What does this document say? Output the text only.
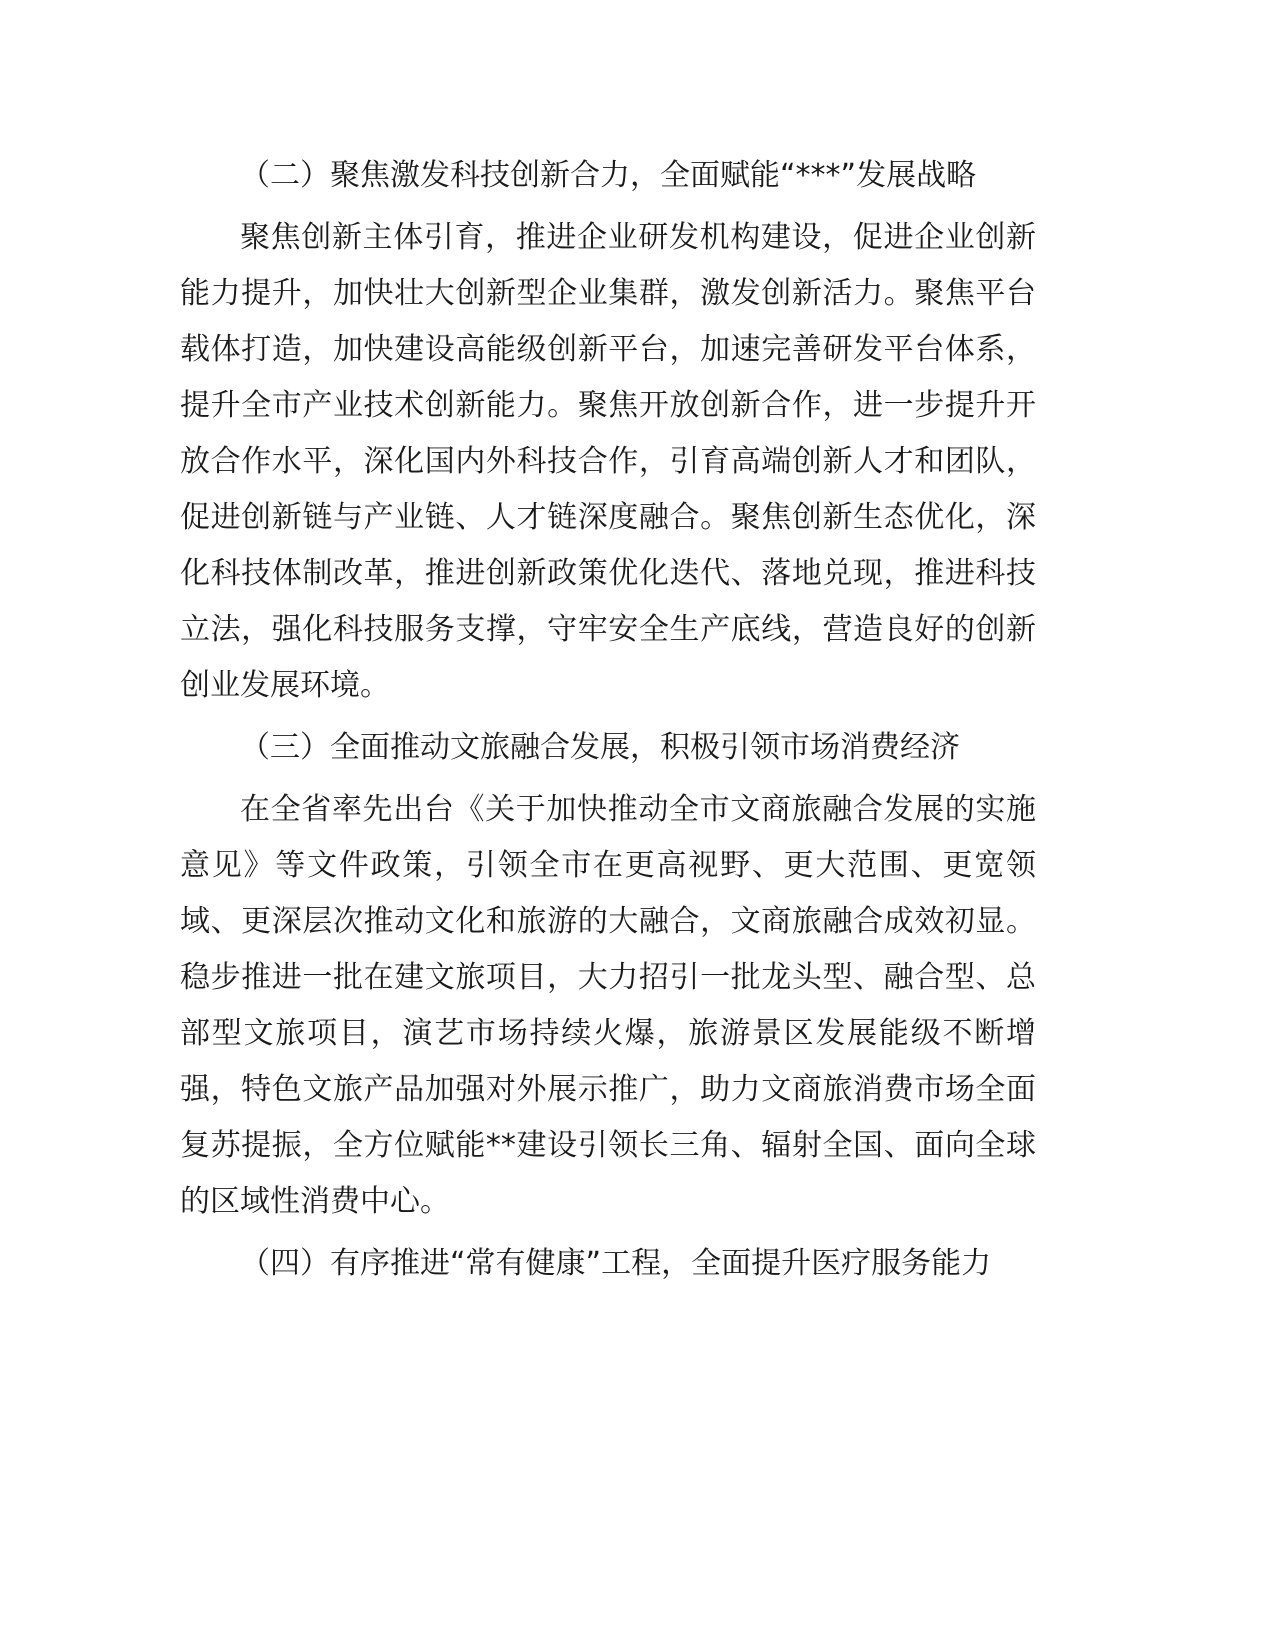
（二）聚焦激发科技创新合力，全面赋能“***”发展战略

聚焦创新主体引育，推进企业研发机构建设，促进企业创新能力提升，加快壮大创新型企业集群，激发创新活力。聚焦平台载体打造，加快建设高能级创新平台，加速完善研发平台体系，提升全市产业技术创新能力。聚焦开放创新合作，进一步提升开放合作水平，深化国内外科技合作，引育高端创新人才和团队，促进创新链与产业链、人才链深度融合。聚焦创新生态优化，深化科技体制改革，推进创新政策优化迭代、落地兑现，推进科技立法，强化科技服务支撑，守牢安全生产底线，营造良好的创新创业发展环境。

（三）全面推动文旅融合发展，积极引领市场消费经济

在全省率先出台《关于加快推动全市文商旅融合发展的实施意见》等文件政策，引领全市在更高视野、更大范围、更宽领域、更深层次推动文化和旅游的大融合，文商旅融合成效初显。稳步推进一批在建文旅项目，大力招引一批龙头型、融合型、总部型文旅项目，演艺市场持续火爆，旅游景区发展能级不断增强，特色文旅产品加强对外展示推广，助力文商旅消费市场全面复苏提振，全方位赋能**建设引领长三角、辐射全国、面向全球的区域性消费中心。

（四）有序推进“常有健康”工程，全面提升医疗服务能力
